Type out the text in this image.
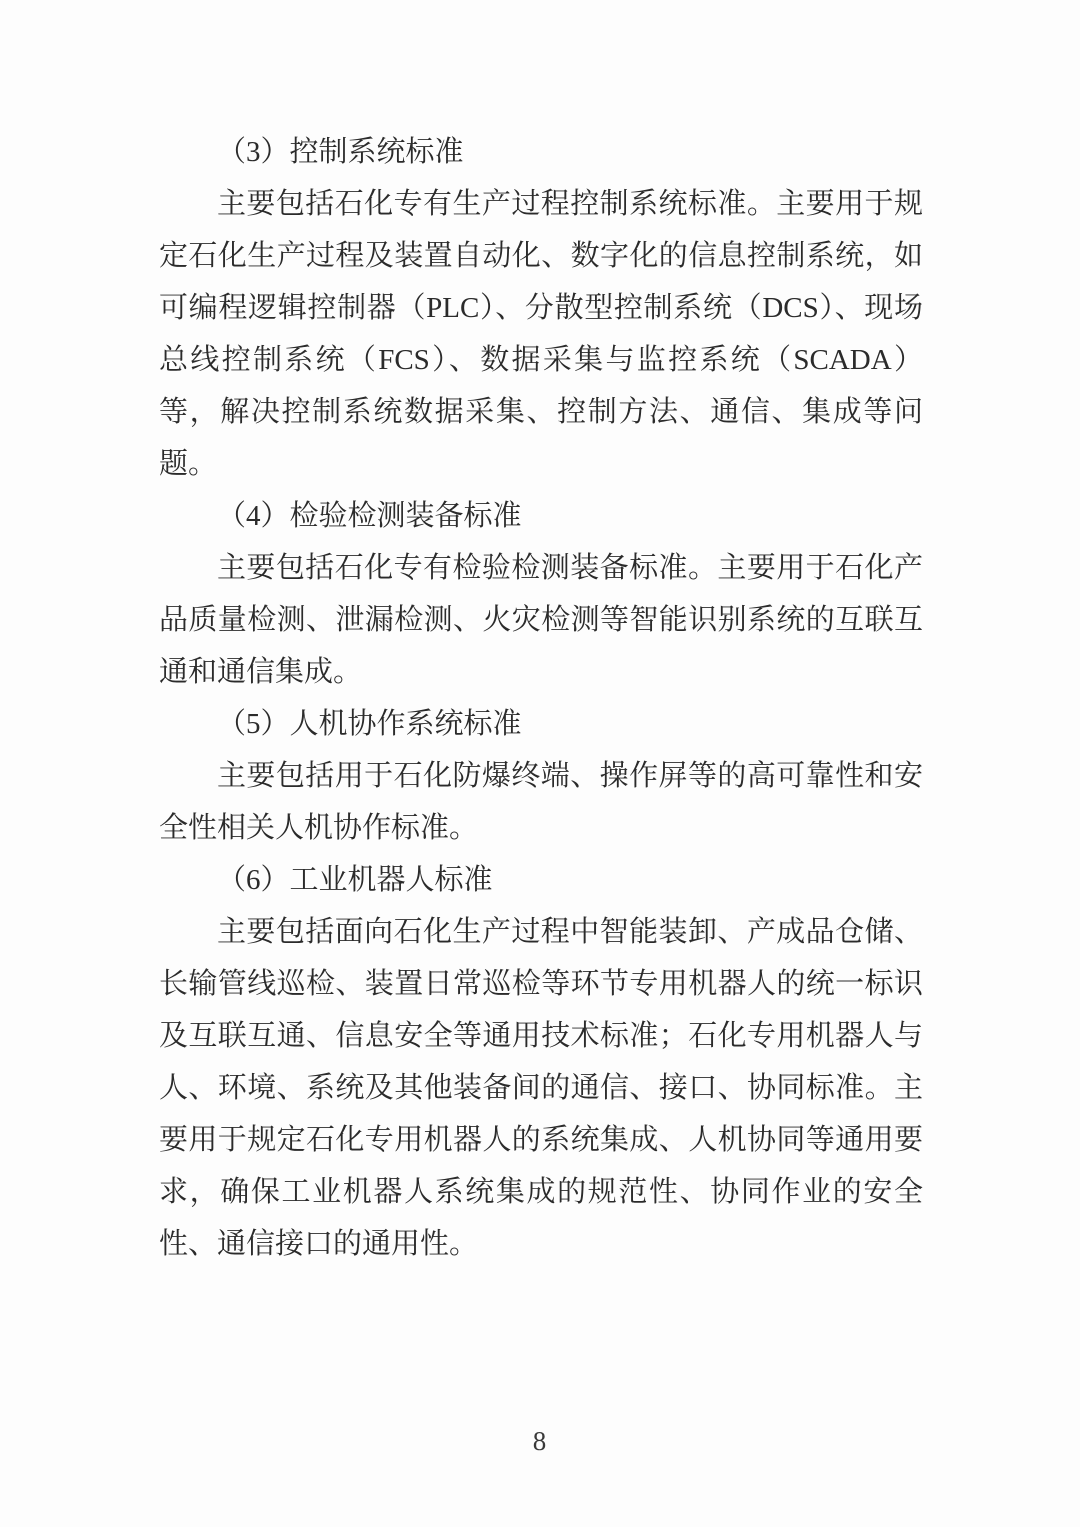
（3）控制系统标准

主要包括石化专有生产过程控制系统标准。主要用于规定石化生产过程及装置自动化、数字化的信息控制系统，如可编程逻辑控制器（PLC）、分散型控制系统（DCS）、现场总线控制系统（FCS）、数据采集与监控系统（SCADA）等，解决控制系统数据采集、控制方法、通信、集成等问题。

（4）检验检测装备标准

主要包括石化专有检验检测装备标准。主要用于石化产品质量检测、泄漏检测、火灾检测等智能识别系统的互联互通和通信集成。

（5）人机协作系统标准

主要包括用于石化防爆终端、操作屏等的高可靠性和安全性相关人机协作标准。

（6）工业机器人标准

主要包括面向石化生产过程中智能装卸、产成品仓储、长输管线巡检、装置日常巡检等环节专用机器人的统一标识及互联互通、信息安全等通用技术标准；石化专用机器人与人、环境、系统及其他装备间的通信、接口、协同标准。主要用于规定石化专用机器人的系统集成、人机协同等通用要求，确保工业机器人系统集成的规范性、协同作业的安全性、通信接口的通用性。

8
